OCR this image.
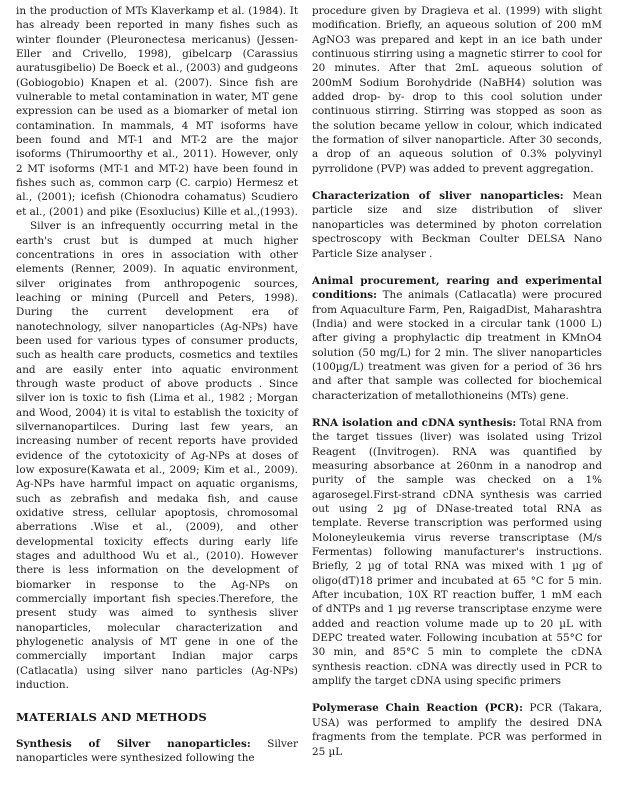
in the production of MTs Klaverkamp et al. (1984). It has already been reported in many fishes such as winter flounder (Pleuronectesa mericanus) (Jessen-Eller and Crivello, 1998), gibelcarp (Carassius auratusgibelio) De Boeck et al., (2003) and gudgeons (Gobiogobio) Knapen et al. (2007). Since fish are vulnerable to metal contamination in water, MT gene expression can be used as a biomarker of metal ion contamination. In mammals, 4 MT isoforms have been found and MT-1 and MT-2 are the major isoforms (Thirumoorthy et al., 2011). However, only 2 MT isoforms (MT-1 and MT-2) have been found in fishes such as, common carp (C. carpio) Hermesz et al., (2001); icefish (Chionodra cohamatus) Scudiero et al., (2001) and pike (Esoxlucius) Kille et al.,(1993).

Silver is an infrequently occurring metal in the earth's crust but is dumped at much higher concentrations in ores in association with other elements (Renner, 2009). In aquatic environment, silver originates from anthropogenic sources, leaching or mining (Purcell and Peters, 1998). During the current development era of nanotechnology, silver nanoparticles (Ag-NPs) have been used for various types of consumer products, such as health care products, cosmetics and textiles and are easily enter into aquatic environment through waste product of above products . Since silver ion is toxic to fish (Lima et al., 1982 ; Morgan and Wood, 2004) it is vital to establish the toxicity of silvernanopartilces. During last few years, an increasing number of recent reports have provided evidence of the cytotoxicity of Ag-NPs at doses of low exposure(Kawata et al., 2009; Kim et al., 2009). Ag-NPs have harmful impact on aquatic organisms, such as zebrafish and medaka fish, and cause oxidative stress, cellular apoptosis, chromosomal aberrations .Wise et al., (2009), and other developmental toxicity effects during early life stages and adulthood Wu et al., (2010). However there is less information on the development of biomarker in response to the Ag-NPs on commercially important fish species.Therefore, the present study was aimed to synthesis sliver nanoparticles, molecular characterization and phylogenetic analysis of MT gene in one of the commercially important Indian major carps (Catlacatla) using silver nano particles (Ag-NPs) induction.

MATERIALS AND METHODS

Synthesis of Silver nanoparticles: Silver nanoparticles were synthesized following the

procedure given by Dragieva et al. (1999) with slight modification. Briefly, an aqueous solution of 200 mM AgNO3 was prepared and kept in an ice bath under continuous stirring using a magnetic stirrer to cool for 20 minutes. After that 2mL aqueous solution of 200mM Sodium Borohydride (NaBH4) solution was added drop- by- drop to this cool solution under continuous stirring. Stirring was stopped as soon as the solution became yellow in colour, which indicated the formation of silver nanoparticle. After 30 seconds, a drop of an aqueous solution of 0.3% polyvinyl pyrrolidone (PVP) was added to prevent aggregation.

Characterization of sliver nanoparticles: Mean particle size and size distribution of sliver nanoparticles was determined by photon correlation spectroscopy with Beckman Coulter DELSA Nano Particle Size analyser .

Animal procurement, rearing and experimental conditions: The animals (Catlacatla) were procured from Aquaculture Farm, Pen, RaigadDist, Maharashtra (India) and were stocked in a circular tank (1000 L) after giving a prophylactic dip treatment in KMnO4 solution (50 mg/L) for 2 min. The sliver nanoparticles (100µg/L) treatment was given for a period of 36 hrs and after that sample was collected for biochemical characterization of metallothioneins (MTs) gene.

RNA isolation and cDNA synthesis: Total RNA from the target tissues (liver) was isolated using Trizol Reagent ((Invitrogen). RNA was quantified by measuring absorbance at 260nm in a nanodrop and purity of the sample was checked on a 1% agarosegel.First-strand cDNA synthesis was carried out using 2 µg of DNase-treated total RNA as template. Reverse transcription was performed using Moloneyleukemia virus reverse transcriptase (M/s Fermentas) following manufacturer's instructions. Briefly, 2 µg of total RNA was mixed with 1 µg of oligo(dT)18 primer and incubated at 65 °C for 5 min. After incubation, 10X RT reaction buffer, 1 mM each of dNTPs and 1 µg reverse transcriptase enzyme were added and reaction volume made up to 20 µL with DEPC treated water. Following incubation at 55°C for 30 min, and 85°C 5 min to complete the cDNA synthesis reaction. cDNA was directly used in PCR to amplify the target cDNA using specific primers

Polymerase Chain Reaction (PCR): PCR (Takara, USA) was performed to amplify the desired DNA fragments from the template. PCR was performed in 25 µL
